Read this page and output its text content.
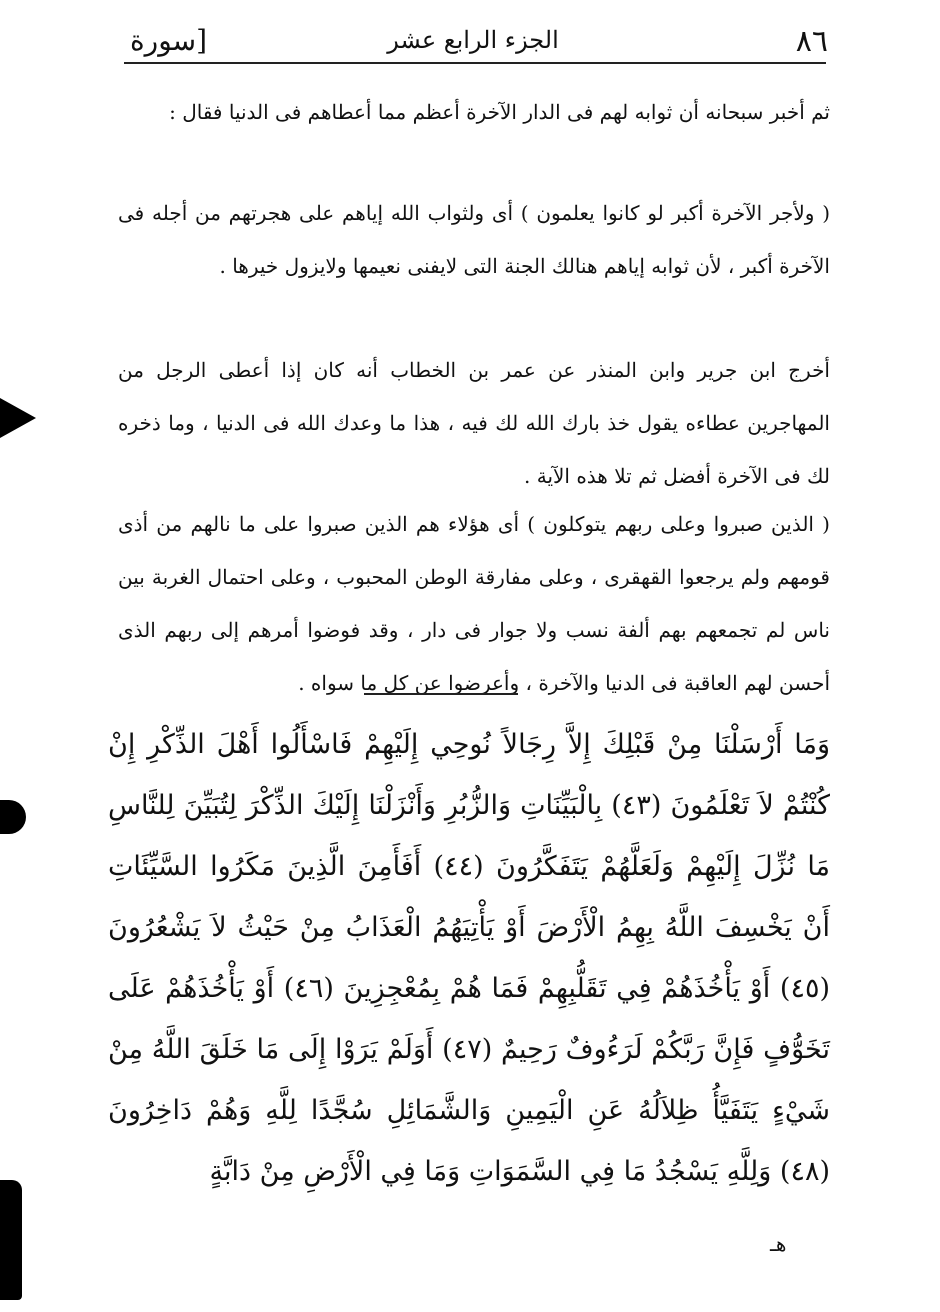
٨٦
الجزء الرابع عشر
[سورة

ثم أخبر سبحانه أن ثوابه لهم فى الدار الآخرة أعظم مما أعطاهم فى الدنيا فقال :

( ولأجر الآخرة أكبر لو كانوا يعلمون ) أى ولثواب الله إياهم على هجرتهم من أجله فى الآخرة أكبر ، لأن ثوابه إياهم هنالك الجنة التى لايفنى نعيمها ولايزول خيرها .

أخرج ابن جرير وابن المنذر عن عمر بن الخطاب أنه كان إذا أعطى الرجل من المهاجرين عطاءه يقول خذ بارك الله لك فيه ، هذا ما وعدك الله فى الدنيا ، وما ذخره لك فى الآخرة أفضل ثم تلا هذه الآية .

( الذين صبروا وعلى ربهم يتوكلون ) أى هؤلاء هم الذين صبروا على ما نالهم من أذى قومهم ولم يرجعوا القهقرى ، وعلى مفارقة الوطن المحبوب ، وعلى احتمال الغربة بين ناس لم تجمعهم بهم ألفة نسب ولا جوار فى دار ، وقد فوضوا أمرهم إلى ربهم الذى أحسن لهم العاقبة فى الدنيا والآخرة ، وأعرضوا عن كل ما سواه .

وَمَا أَرْسَلْنَا مِنْ قَبْلِكَ إِلاَّ رِجَالاً نُوحِي إِلَيْهِمْ فَاسْأَلُوا أَهْلَ الذِّكْرِ إِنْ كُنْتُمْ لاَ تَعْلَمُونَ (٤٣) بِالْبَيِّنَاتِ وَالزُّبُرِ وَأَنْزَلْنَا إِلَيْكَ الذِّكْرَ لِتُبَيِّنَ لِلنَّاسِ مَا نُزِّلَ إِلَيْهِمْ وَلَعَلَّهُمْ يَتَفَكَّرُونَ (٤٤) أَفَأَمِنَ الَّذِينَ مَكَرُوا السَّيِّئَاتِ أَنْ يَخْسِفَ اللَّهُ بِهِمُ الْأَرْضَ أَوْ يَأْتِيَهُمُ الْعَذَابُ مِنْ حَيْثُ لاَ يَشْعُرُونَ (٤٥) أَوْ يَأْخُذَهُمْ فِي تَقَلُّبِهِمْ فَمَا هُمْ بِمُعْجِزِينَ (٤٦) أَوْ يَأْخُذَهُمْ عَلَى تَخَوُّفٍ فَإِنَّ رَبَّكُمْ لَرَءُوفٌ رَحِيمٌ (٤٧) أَوَلَمْ يَرَوْا إِلَى مَا خَلَقَ اللَّهُ مِنْ شَيْءٍ يَتَفَيَّأُ ظِلاَلُهُ عَنِ الْيَمِينِ وَالشَّمَائِلِ سُجَّدًا لِلَّهِ وَهُمْ دَاخِرُونَ (٤٨) وَلِلَّهِ يَسْجُدُ مَا فِي السَّمَوَاتِ وَمَا فِي الْأَرْضِ مِنْ دَابَّةٍ

هـ
